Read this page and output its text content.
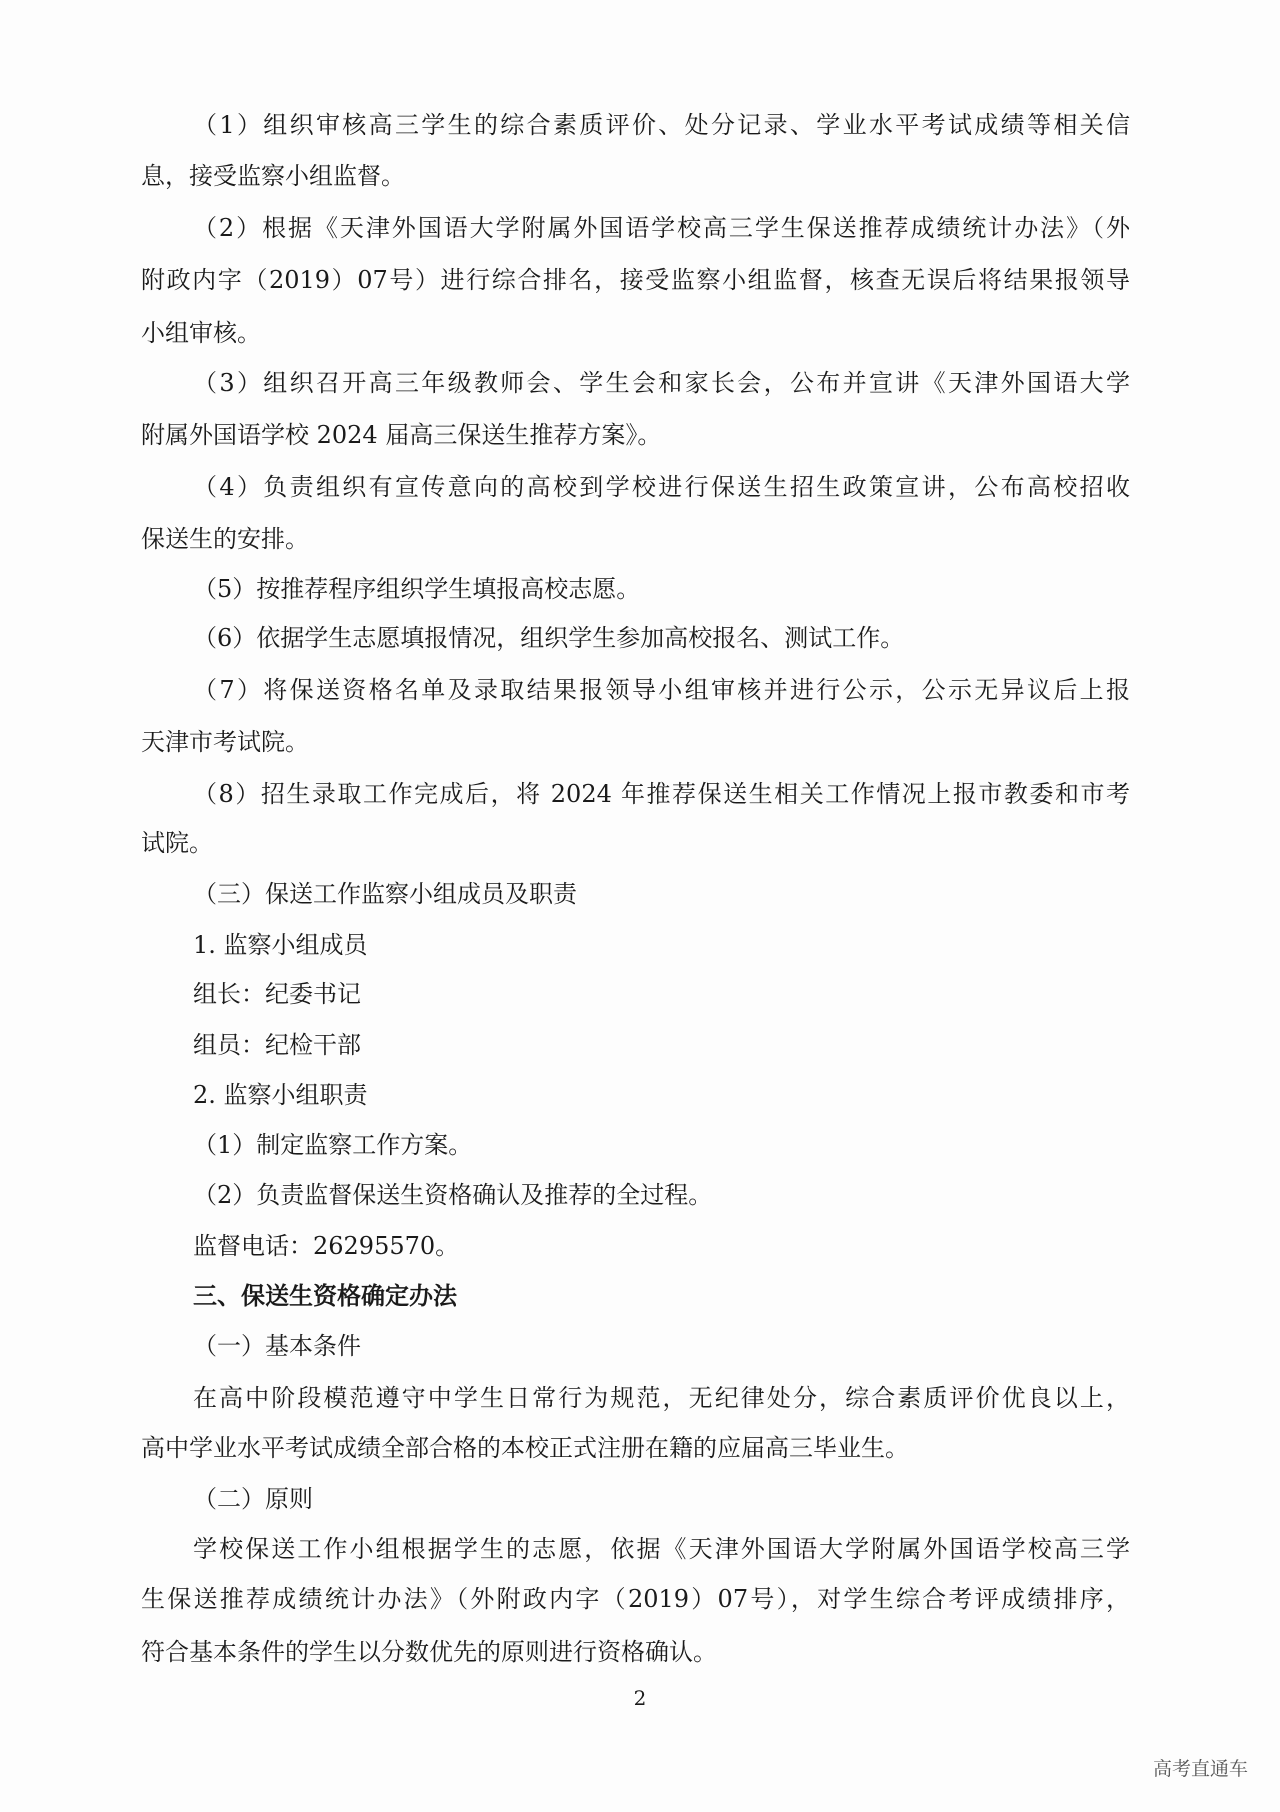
（1）组织审核高三学生的综合素质评价、处分记录、学业水平考试成绩等相关信
息，接受监察小组监督。
（2）根据《天津外国语大学附属外国语学校高三学生保送推荐成绩统计办法》（外
附政内字（2019）07号）进行综合排名，接受监察小组监督，核查无误后将结果报领导
小组审核。
（3）组织召开高三年级教师会、学生会和家长会，公布并宣讲《天津外国语大学
附属外国语学校 2024 届高三保送生推荐方案》。
（4）负责组织有宣传意向的高校到学校进行保送生招生政策宣讲，公布高校招收
保送生的安排。
（5）按推荐程序组织学生填报高校志愿。
（6）依据学生志愿填报情况，组织学生参加高校报名、测试工作。
（7）将保送资格名单及录取结果报领导小组审核并进行公示，公示无异议后上报
天津市考试院。
（8）招生录取工作完成后，将 2024 年推荐保送生相关工作情况上报市教委和市考
试院。
（三）保送工作监察小组成员及职责
1. 监察小组成员
组长：纪委书记
组员：纪检干部
2. 监察小组职责
（1）制定监察工作方案。
（2）负责监督保送生资格确认及推荐的全过程。
监督电话：26295570。
三、保送生资格确定办法
（一）基本条件
在高中阶段模范遵守中学生日常行为规范，无纪律处分，综合素质评价优良以上，
高中学业水平考试成绩全部合格的本校正式注册在籍的应届高三毕业生。
（二）原则
学校保送工作小组根据学生的志愿，依据《天津外国语大学附属外国语学校高三学
生保送推荐成绩统计办法》（外附政内字（2019）07号），对学生综合考评成绩排序，
符合基本条件的学生以分数优先的原则进行资格确认。
2
高考直通车
